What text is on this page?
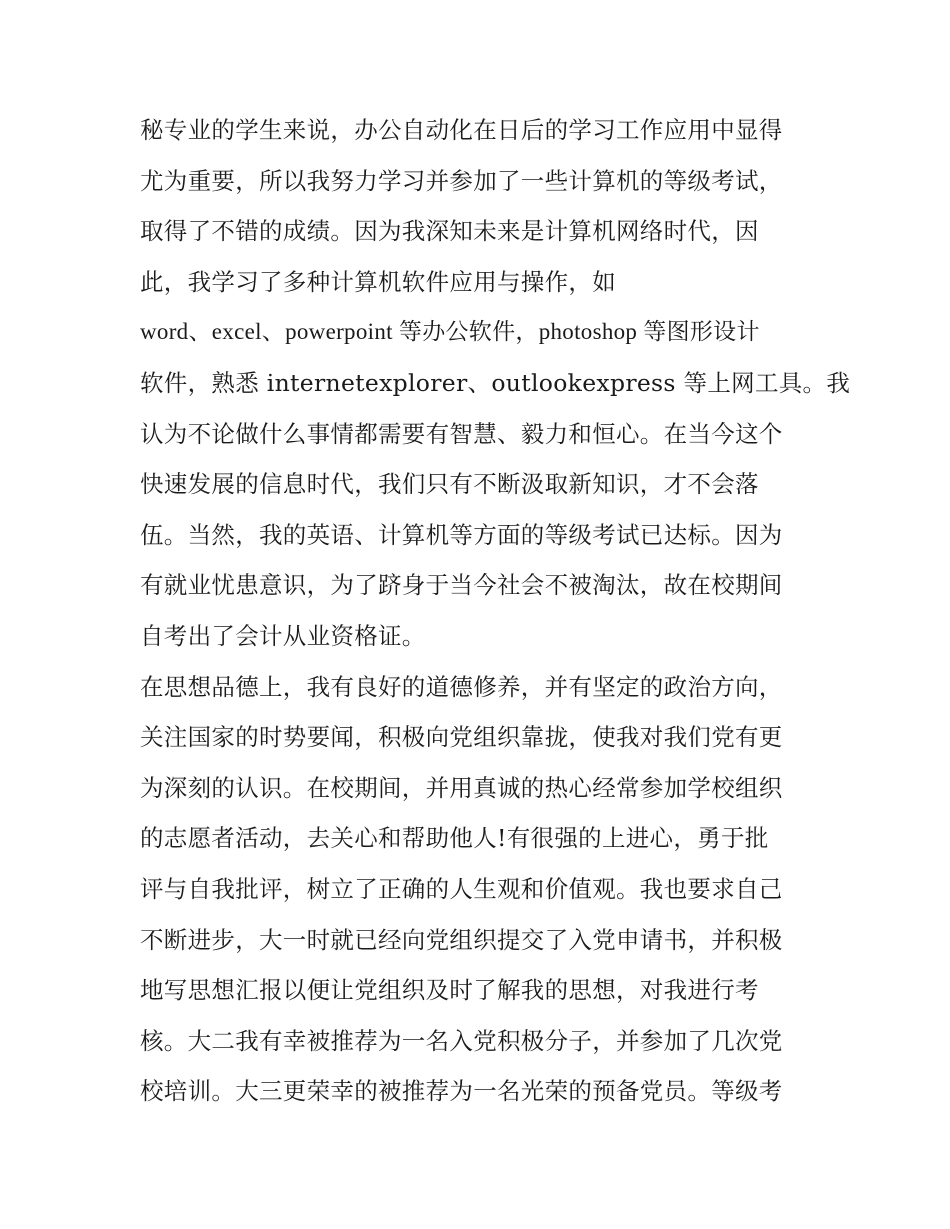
秘专业的学生来说，办公自动化在日后的学习工作应用中显得
尤为重要，所以我努力学习并参加了一些计算机的等级考试，
取得了不错的成绩。因为我深知未来是计算机网络时代，因
此，我学习了多种计算机软件应用与操作，如
word、excel、powerpoint 等办公软件，photoshop 等图形设计
软件，熟悉 internetexplorer、outlookexpress 等上网工具。我
认为不论做什么事情都需要有智慧、毅力和恒心。在当今这个
快速发展的信息时代，我们只有不断汲取新知识，才不会落
伍。当然，我的英语、计算机等方面的等级考试已达标。因为
有就业忧患意识，为了跻身于当今社会不被淘汰，故在校期间
自考出了会计从业资格证。
在思想品德上，我有良好的道德修养，并有坚定的政治方向，
关注国家的时势要闻，积极向党组织靠拢，使我对我们党有更
为深刻的认识。在校期间，并用真诚的热心经常参加学校组织
的志愿者活动，去关心和帮助他人!有很强的上进心，勇于批
评与自我批评，树立了正确的人生观和价值观。我也要求自己
不断进步，大一时就已经向党组织提交了入党申请书，并积极
地写思想汇报以便让党组织及时了解我的思想，对我进行考
核。大二我有幸被推荐为一名入党积极分子，并参加了几次党
校培训。大三更荣幸的被推荐为一名光荣的预备党员。等级考
